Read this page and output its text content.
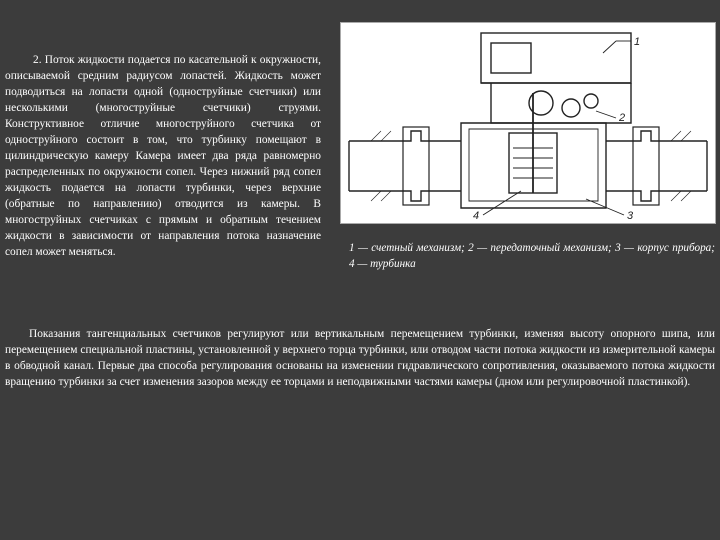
2. Поток жидкости подается по касательной к окружности, описываемой средним радиусом лопастей. Жидкость может подводиться на лопасти одной (одноструйные счетчики) или несколькими (многоструйные счетчики) струями. Конструктивное отличие многоструйного счетчика от одноструйного состоит в том, что турбинку помещают в цилиндрическую камеру Камера имеет два ряда равномерно распределенных по окружности сопел. Через нижний ряд сопел жидкость подается на лопасти турбинки, через верхние (обратные по направлению) отводится из камеры. В многоструйных счетчиках с прямым и обратным течением жидкости в зависимости от направления потока назначение сопел может меняться.

1
2
3
4

1 — счетный механизм; 2 — передаточный механизм; 3 — корпус прибора; 4 — турбинка

Показания тангенциальных счетчиков регулируют или вертикальным перемещением турбинки, изменяя высоту опорного шипа, или перемещением специальной пластины, установленной у верхнего торца турбинки, или отводом части потока жидкости из измерительной камеры в обводной канал. Первые два способа регулирования основаны на изменении гидравлического сопротивления, оказываемого потока жидкости вращению турбинки за счет изменения зазоров между ее торцами и неподвижными частями камеры (дном или регулировочной пластинкой).
